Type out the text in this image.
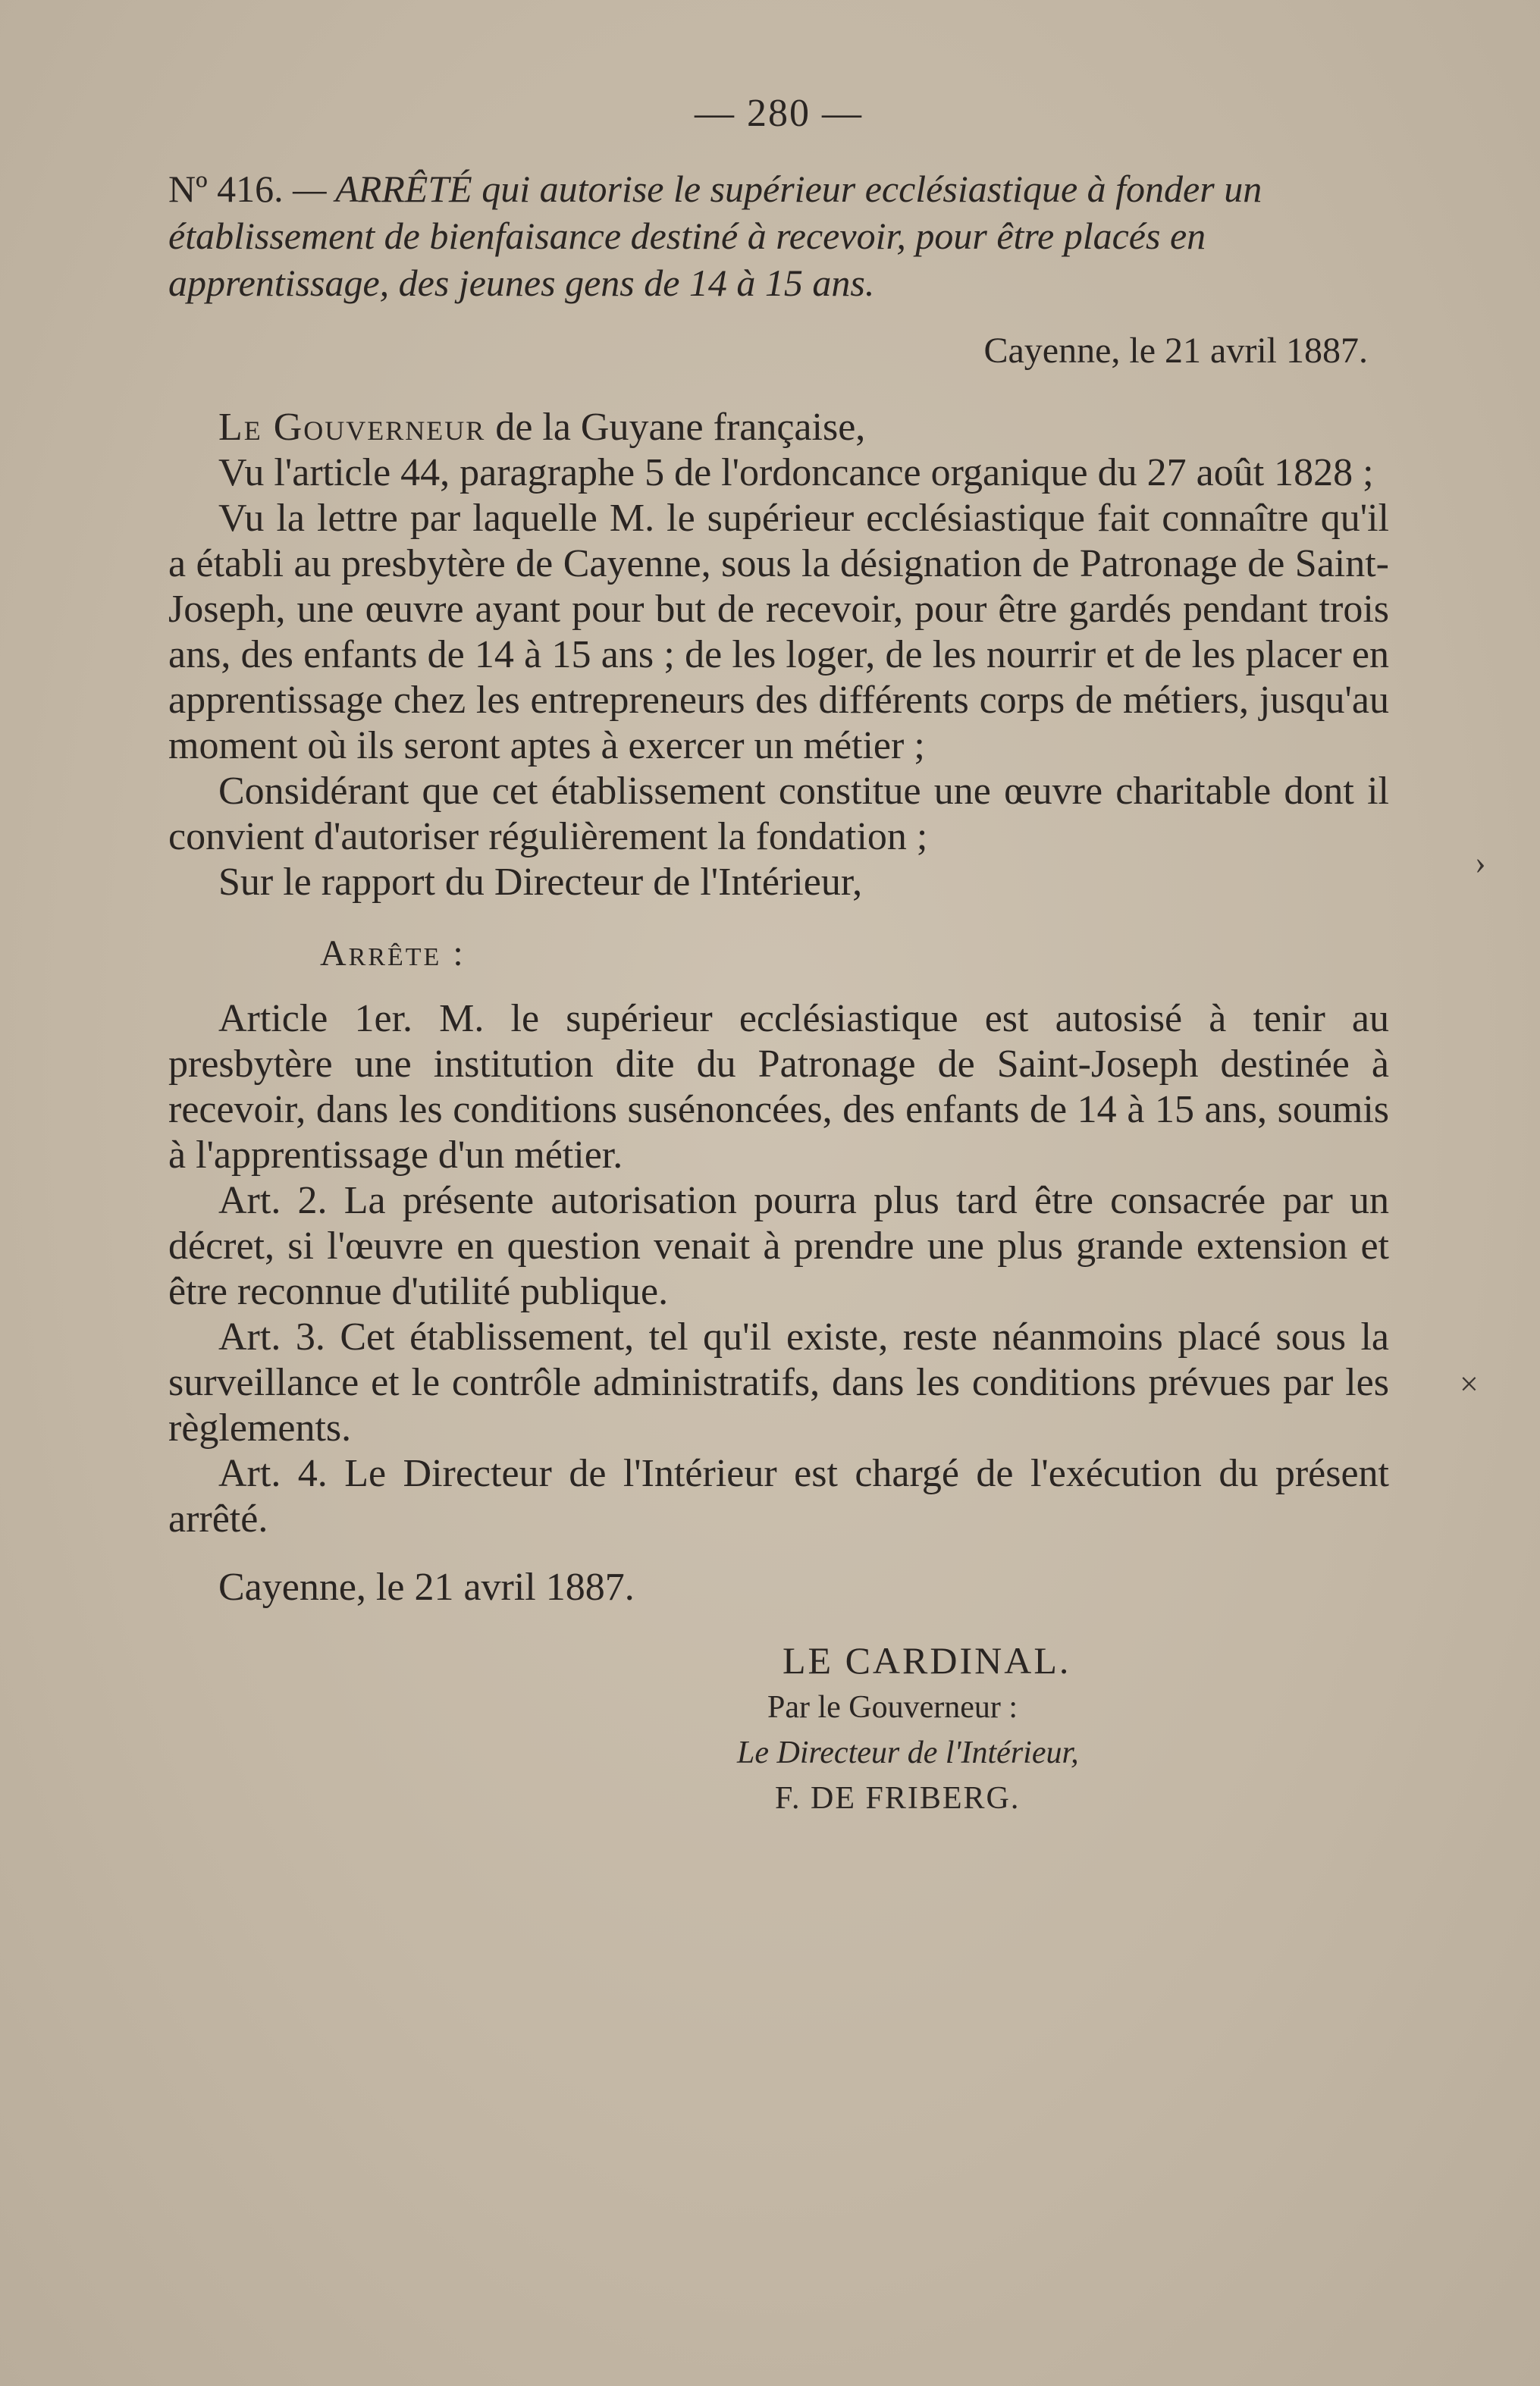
— 280 —

Nº 416. — ARRÊTÉ qui autorise le supérieur ecclésiastique à fonder un établissement de bienfaisance destiné à recevoir, pour être placés en apprentissage, des jeunes gens de 14 à 15 ans.

Cayenne, le 21 avril 1887.

Le Gouverneur de la Guyane française,

Vu l'article 44, paragraphe 5 de l'ordoncance organique du 27 août 1828 ;

Vu la lettre par laquelle M. le supérieur ecclésiastique fait connaître qu'il a établi au presbytère de Cayenne, sous la désignation de Patronage de Saint-Joseph, une œuvre ayant pour but de recevoir, pour être gardés pendant trois ans, des enfants de 14 à 15 ans ; de les loger, de les nourrir et de les placer en apprentissage chez les entrepreneurs des différents corps de métiers, jusqu'au moment où ils seront aptes à exercer un métier ;

Considérant que cet établissement constitue une œuvre charitable dont il convient d'autoriser régulièrement la fondation ;

Sur le rapport du Directeur de l'Intérieur,

Arrête :

Article 1er. M. le supérieur ecclésiastique est autosisé à tenir au presbytère une institution dite du Patronage de Saint-Joseph destinée à recevoir, dans les conditions susénoncées, des enfants de 14 à 15 ans, soumis à l'apprentissage d'un métier.

Art. 2. La présente autorisation pourra plus tard être consacrée par un décret, si l'œuvre en question venait à prendre une plus grande extension et être reconnue d'utilité publique.

Art. 3. Cet établissement, tel qu'il existe, reste néanmoins placé sous la surveillance et le contrôle administratifs, dans les conditions prévues par les règlements.

Art. 4. Le Directeur de l'Intérieur est chargé de l'exécution du présent arrêté.

Cayenne, le 21 avril 1887.
LE CARDINAL.
Par le Gouverneur :
Le Directeur de l'Intérieur,
F. DE FRIBERG.
›
×
